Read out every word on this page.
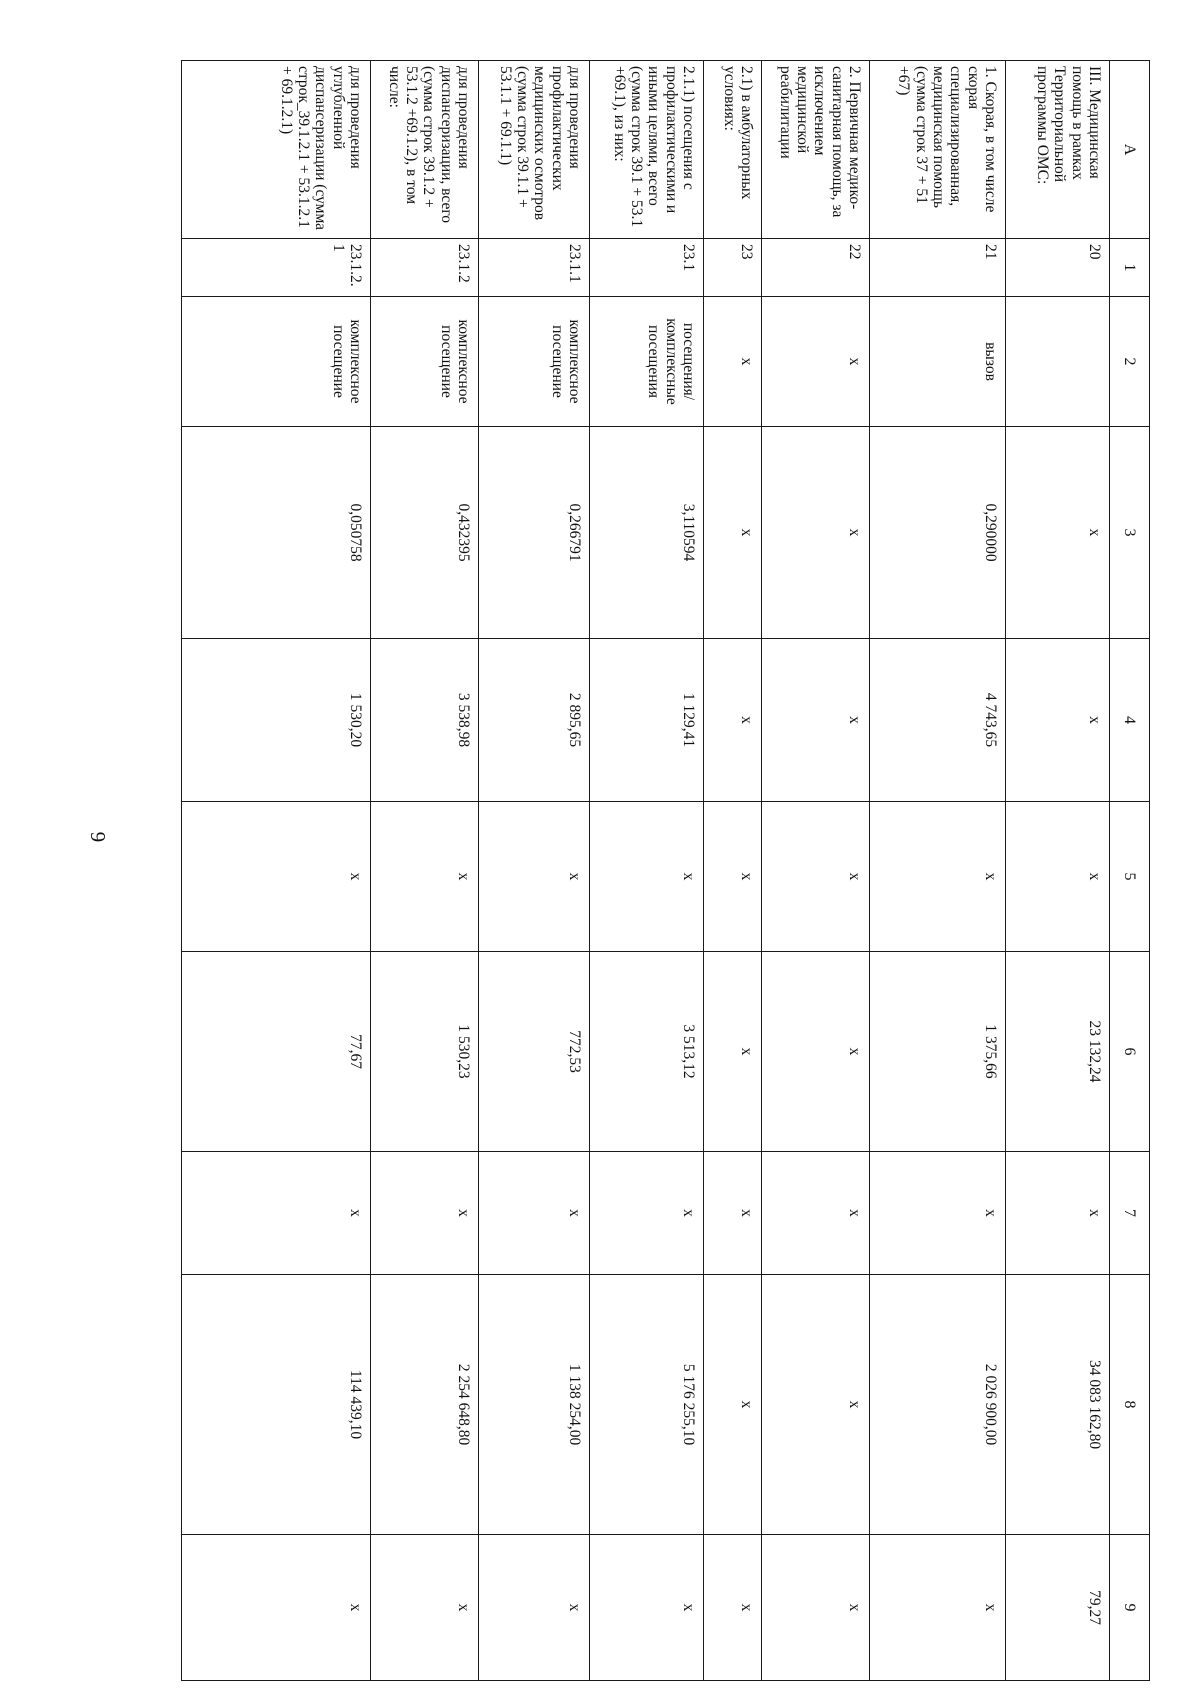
6
А	1	2	3	4	5	6	7	8	9
III. Медицинская помощь в рамках Территориальной программы ОМС:	20		х	х	х	23 132,24	х	34 083 162,80	79,27
1. Скорая, в том числе скорая специализированная, медицинская помощь (сумма строк 37 + 51 +67)	21	вызов	0,290000	4 743,65	х	1 375,66	х	2 026 900,00	х
2. Первичная медико-санитарная помощь, за исключением медицинской реабилитации	22	х	х	х	х	х	х	х	х
2.1) в амбулаторных условиях:	23	х	х	х	х	х	х	х	х
2.1.1) посещения с профилактическими и иными целями, всего (сумма строк 39.1 + 53.1 +69.1), из них:	23.1	посещения/ комплексные посещения	3,110594	1 129,41	х	3 513,12	х	5 176 255,10	х
для проведения профилактических медицинских осмотров (сумма строк 39.1.1 + 53.1.1 + 69.1.1)	23.1.1	комплексное посещение	0,266791	2 895,65	х	772,53	х	1 138 254,00	х
для проведения диспансеризации, всего (сумма строк 39.1.2 + 53.1.2 +69.1.2), в том числе:	23.1.2	комплексное посещение	0,432395	3 538,98	х	1 530,23	х	2 254 648,80	х
для проведения углубленной диспансеризации (сумма строк_39.1.2.1 + 53.1.2.1 + 69.1.2.1)	23.1.2.1	комплексное посещение	0,050758	1 530,20	х	77,67	х	114 439,10	х
